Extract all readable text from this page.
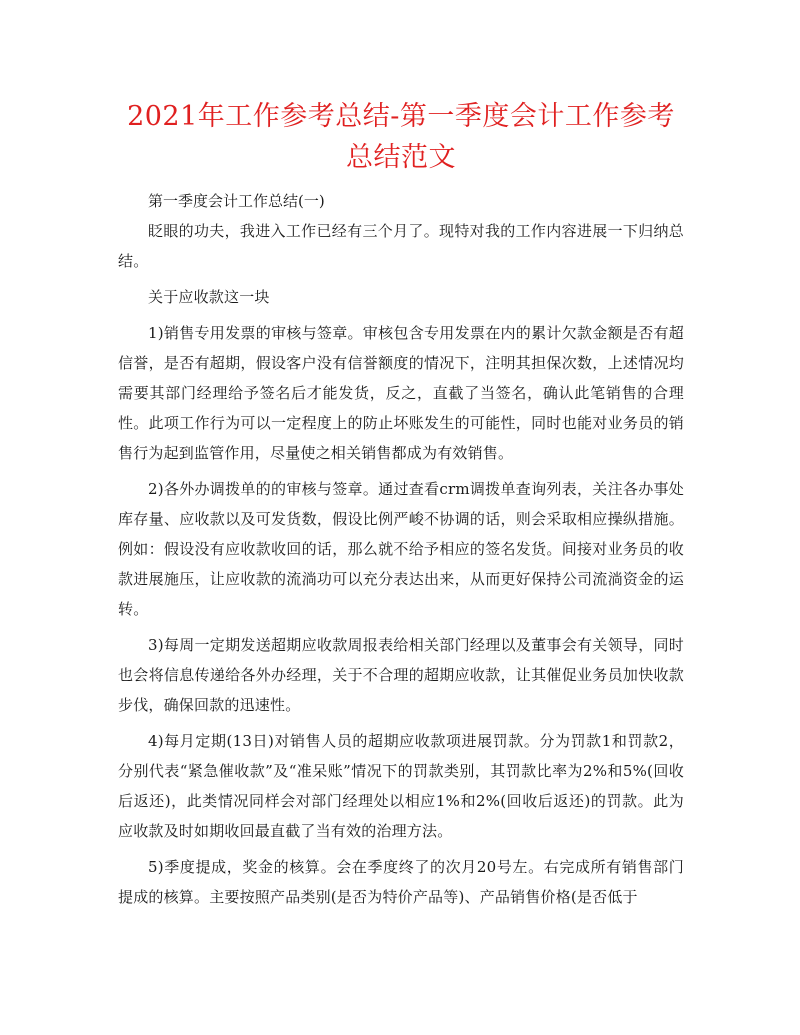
2021年工作参考总结-第一季度会计工作参考总结范文

第一季度会计工作总结(一)

眨眼的功夫，我进入工作已经有三个月了。现特对我的工作内容进展一下归纳总结。

关于应收款这一块

1)销售专用发票的审核与签章。审核包含专用发票在内的累计欠款金额是否有超信誉，是否有超期，假设客户没有信誉额度的情况下，注明其担保次数，上述情况均需要其部门经理给予签名后才能发货，反之，直截了当签名，确认此笔销售的合理性。此项工作行为可以一定程度上的防止坏账发生的可能性，同时也能对业务员的销售行为起到监管作用，尽量使之相关销售都成为有效销售。

2)各外办调拨单的的审核与签章。通过查看crm调拨单查询列表，关注各办事处库存量、应收款以及可发货数，假设比例严峻不协调的话，则会采取相应操纵措施。例如：假设没有应收款收回的话，那么就不给予相应的签名发货。间接对业务员的收款进展施压，让应收款的流淌功可以充分表达出来，从而更好保持公司流淌资金的运转。

3)每周一定期发送超期应收款周报表给相关部门经理以及董事会有关领导，同时也会将信息传递给各外办经理，关于不合理的超期应收款，让其催促业务员加快收款步伐，确保回款的迅速性。

4)每月定期(13日)对销售人员的超期应收款项进展罚款。分为罚款1和罚款2，分别代表“紧急催收款”及“准呆账”情况下的罚款类别，其罚款比率为2%和5%(回收后返还)，此类情况同样会对部门经理处以相应1%和2%(回收后返还)的罚款。此为应收款及时如期收回最直截了当有效的治理方法。

5)季度提成，奖金的核算。会在季度终了的次月20号左。右完成所有销售部门提成的核算。主要按照产品类别(是否为特价产品等)、产品销售价格(是否低于
